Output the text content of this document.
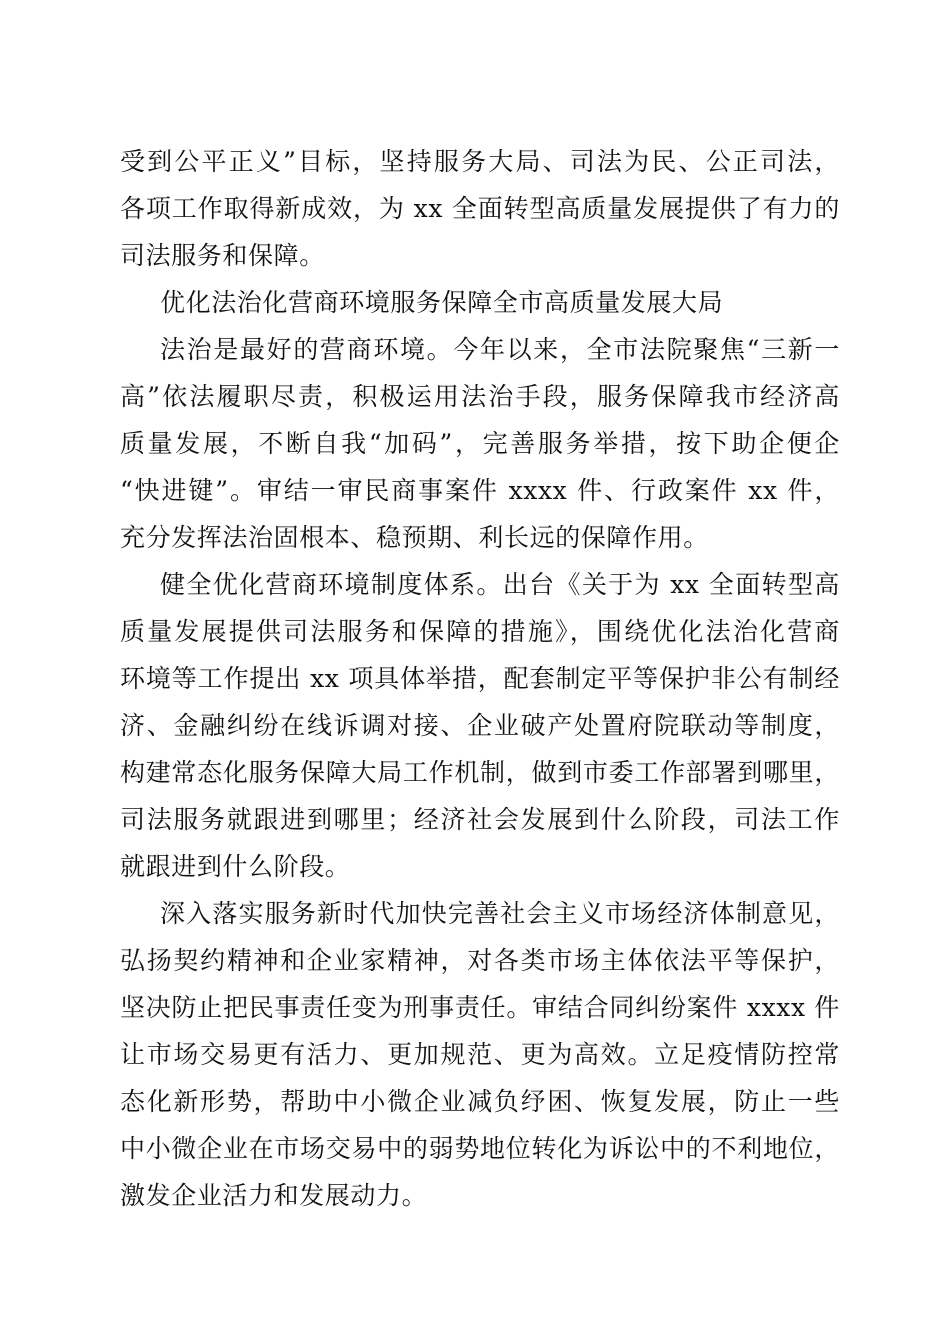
受到公平正义”目标，坚持服务大局、司法为民、公正司法，

各项工作取得新成效，为 xx 全面转型高质量发展提供了有力的

司法服务和保障。

优化法治化营商环境服务保障全市高质量发展大局

法治是最好的营商环境。今年以来，全市法院聚焦“三新一

高”依法履职尽责，积极运用法治手段，服务保障我市经济高

质量发展，不断自我“加码”，完善服务举措，按下助企便企

“快进键”。审结一审民商事案件 xxxx 件、行政案件 xx 件，

充分发挥法治固根本、稳预期、利长远的保障作用。

健全优化营商环境制度体系。出台《关于为 xx 全面转型高

质量发展提供司法服务和保障的措施》，围绕优化法治化营商

环境等工作提出 xx 项具体举措，配套制定平等保护非公有制经

济、金融纠纷在线诉调对接、企业破产处置府院联动等制度，

构建常态化服务保障大局工作机制，做到市委工作部署到哪里，

司法服务就跟进到哪里；经济社会发展到什么阶段，司法工作

就跟进到什么阶段。

深入落实服务新时代加快完善社会主义市场经济体制意见，

弘扬契约精神和企业家精神，对各类市场主体依法平等保护，

坚决防止把民事责任变为刑事责任。审结合同纠纷案件 xxxx 件

让市场交易更有活力、更加规范、更为高效。立足疫情防控常

态化新形势，帮助中小微企业减负纾困、恢复发展，防止一些

中小微企业在市场交易中的弱势地位转化为诉讼中的不利地位，

激发企业活力和发展动力。
